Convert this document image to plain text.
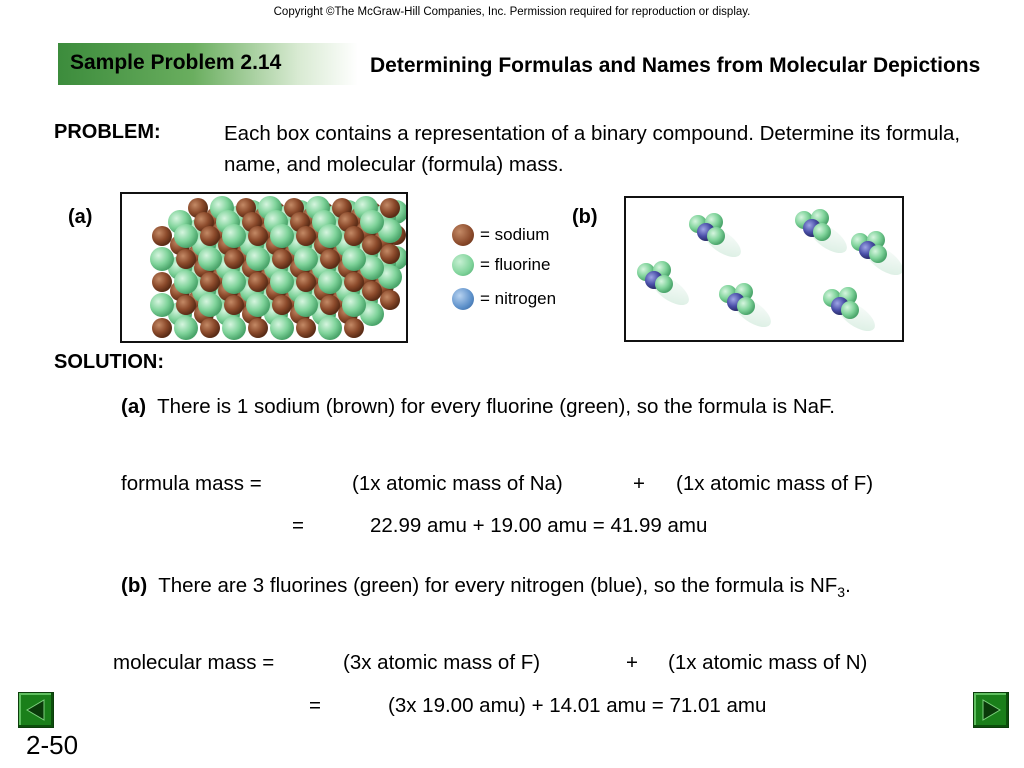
Copyright ©The McGraw-Hill Companies, Inc. Permission required for reproduction or display.
Sample Problem 2.14	Determining Formulas and Names from Molecular Depictions
PROBLEM:	Each box contains a representation of a binary compound. Determine its formula, name, and molecular (formula) mass.
(a)	(b)
= sodium
= fluorine
= nitrogen
SOLUTION:
(a) There is 1 sodium (brown) for every fluorine (green), so the formula is NaF.
formula mass =	(1x atomic mass of Na)	+ (1x atomic mass of F)
=	22.99 amu + 19.00 amu = 41.99 amu
(b) There are 3 fluorines (green) for every nitrogen (blue), so the formula is $NF_3$.
molecular mass =	(3x atomic mass of F)	+ (1x atomic mass of N)
=	(3x 19.00 amu) + 14.01 amu = 71.01 amu
2-50
